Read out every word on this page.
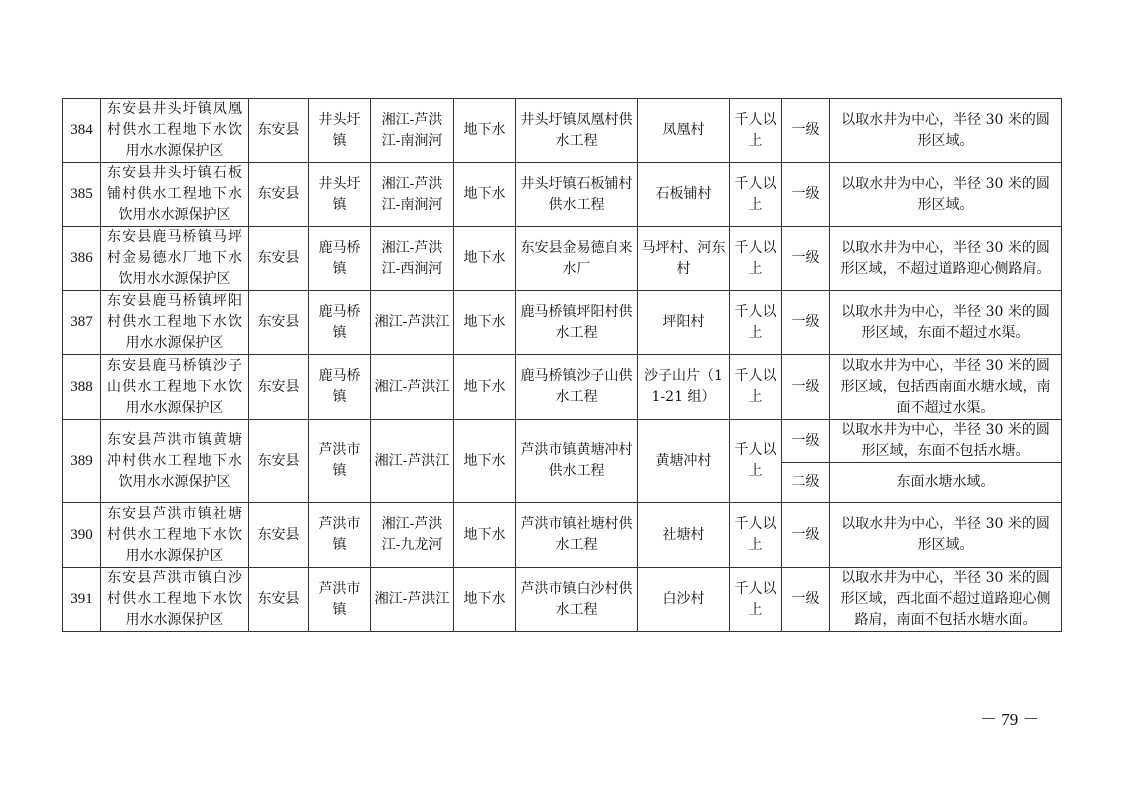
384	东安县井头圩镇凤凰村供水工程地下水饮用水水源保护区	东安县	井头圩镇	湘江-芦洪江-南涧河	地下水	井头圩镇凤凰村供水工程	凤凰村	千人以上	一级	以取水井为中心，半径 30 米的圆形区域。
385	东安县井头圩镇石板铺村供水工程地下水饮用水水源保护区	东安县	井头圩镇	湘江-芦洪江-南涧河	地下水	井头圩镇石板铺村供水工程	石板铺村	千人以上	一级	以取水井为中心，半径 30 米的圆形区域。
386	东安县鹿马桥镇马坪村金易德水厂地下水饮用水水源保护区	东安县	鹿马桥镇	湘江-芦洪江-西涧河	地下水	东安县金易德自来水厂	马坪村、河东村	千人以上	一级	以取水井为中心，半径 30 米的圆形区域，不超过道路迎心侧路肩。
387	东安县鹿马桥镇坪阳村供水工程地下水饮用水水源保护区	东安县	鹿马桥镇	湘江-芦洪江	地下水	鹿马桥镇坪阳村供水工程	坪阳村	千人以上	一级	以取水井为中心，半径 30 米的圆形区域，东面不超过水渠。
388	东安县鹿马桥镇沙子山供水工程地下水饮用水水源保护区	东安县	鹿马桥镇	湘江-芦洪江	地下水	鹿马桥镇沙子山供水工程	沙子山片（11-21 组）	千人以上	一级	以取水井为中心，半径 30 米的圆形区域，包括西南面水塘水域，南面不超过水渠。
389	东安县芦洪市镇黄塘冲村供水工程地下水饮用水水源保护区	东安县	芦洪市镇	湘江-芦洪江	地下水	芦洪市镇黄塘冲村供水工程	黄塘冲村	千人以上	一级	以取水井为中心，半径 30 米的圆形区域，东面不包括水塘。
									二级	东面水塘水域。
390	东安县芦洪市镇社塘村供水工程地下水饮用水水源保护区	东安县	芦洪市镇	湘江-芦洪江-九龙河	地下水	芦洪市镇社塘村供水工程	社塘村	千人以上	一级	以取水井为中心，半径 30 米的圆形区域。
391	东安县芦洪市镇白沙村供水工程地下水饮用水水源保护区	东安县	芦洪市镇	湘江-芦洪江	地下水	芦洪市镇白沙村供水工程	白沙村	千人以上	一级	以取水井为中心，半径 30 米的圆形区域，西北面不超过道路迎心侧路肩，南面不包括水塘水面。
－ 79 －
